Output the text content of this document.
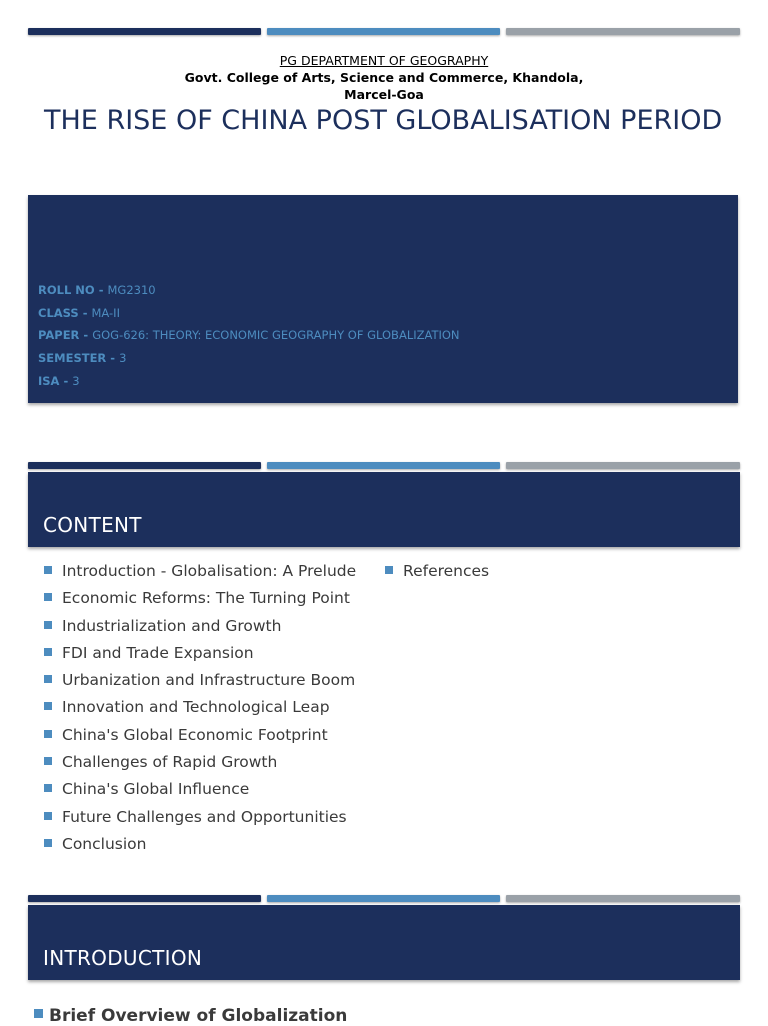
PG DEPARTMENT OF GEOGRAPHY
Govt. College of Arts, Science and Commerce, Khandola,
Marcel-Goa
THE RISE OF CHINA POST GLOBALISATION PERIOD
ROLL NO - MG2310
CLASS - MA-II
PAPER - GOG-626: THEORY: ECONOMIC GEOGRAPHY OF GLOBALIZATION
SEMESTER - 3
ISA - 3
CONTENT
Introduction - Globalisation: A Prelude
Economic Reforms: The Turning Point
Industrialization and Growth
FDI and Trade Expansion
Urbanization and Infrastructure Boom
Innovation and Technological Leap
China's Global Economic Footprint
Challenges of Rapid Growth
China's Global Influence
Future Challenges and Opportunities
Conclusion
References
INTRODUCTION
Brief Overview of Globalization
